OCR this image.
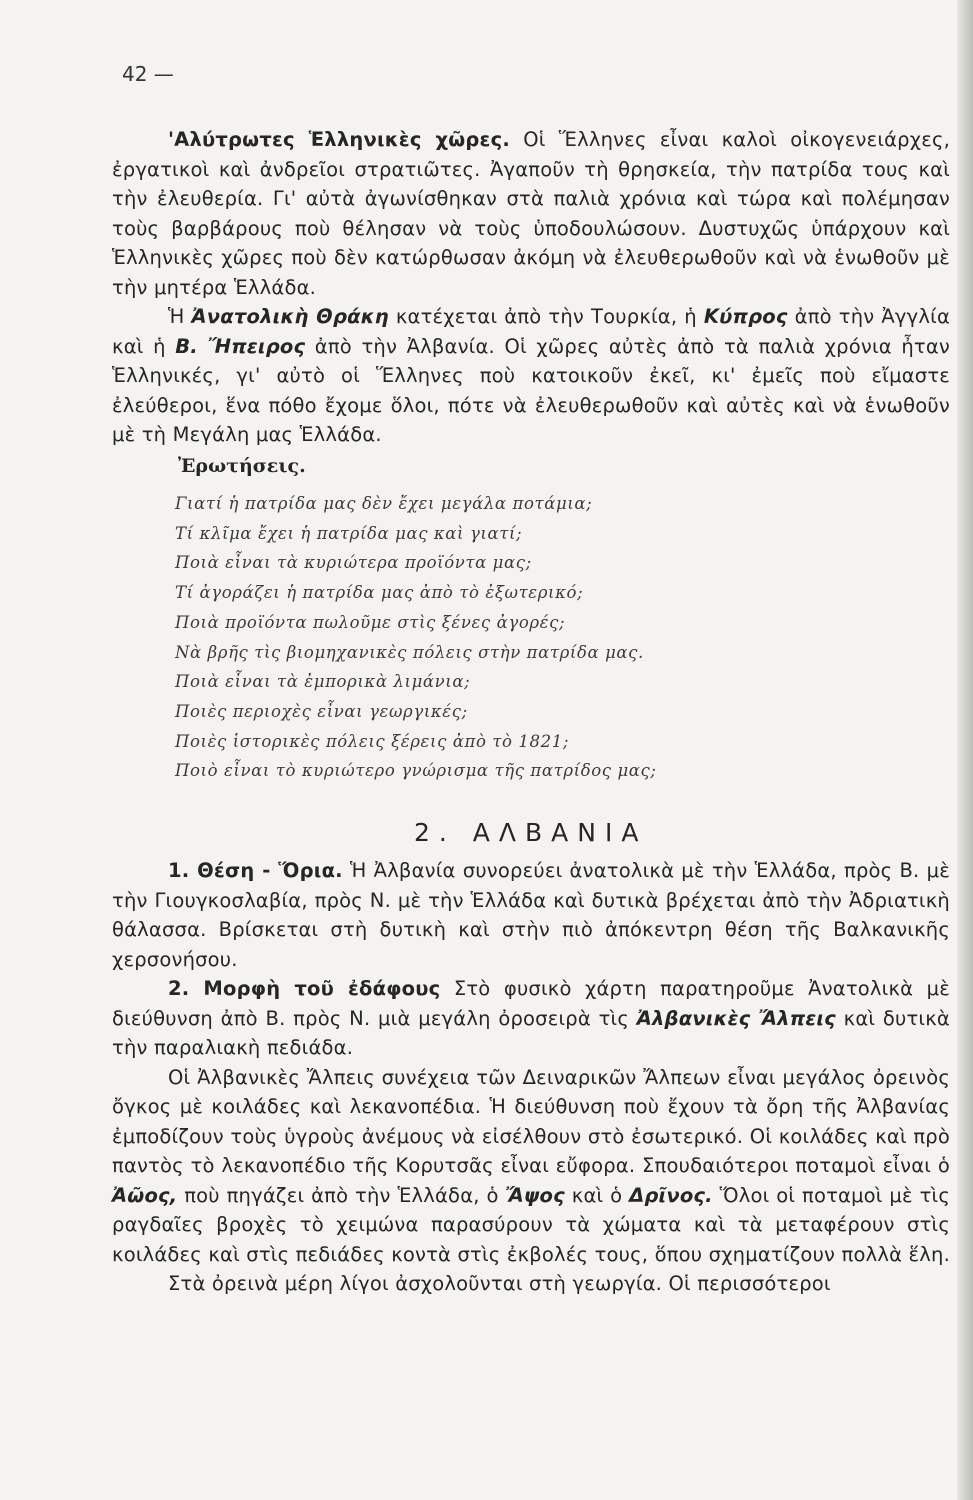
42 —

'Αλύτρωτες Ἑλληνικὲς χῶρες. Οἱ Ἕλληνες εἶναι καλοὶ οἰκογενειάρχες, ἐργατικοὶ καὶ ἀνδρεῖοι στρατιῶτες. Ἀγαποῦν τὴ θρησκεία, τὴν πατρίδα τους καὶ τὴν ἐλευθερία. Γι' αὐτὰ ἀγωνίσθηκαν στὰ παλιὰ χρόνια καὶ τώρα καὶ πολέμησαν τοὺς βαρβάρους ποὺ θέλησαν νὰ τοὺς ὑποδουλώσουν. Δυστυχῶς ὑπάρχουν καὶ Ἑλληνικὲς χῶρες ποὺ δὲν κατώρθωσαν ἀκόμη νὰ ἐλευθερωθοῦν καὶ νὰ ἑνωθοῦν μὲ τὴν μητέρα Ἑλλάδα.

Ἡ Ἀνατολικὴ Θράκη κατέχεται ἀπὸ τὴν Τουρκία, ἡ Κύπρος ἀπὸ τὴν Ἀγγλία καὶ ἡ Β. Ἤπειρος ἀπὸ τὴν Ἀλβανία. Οἱ χῶρες αὐτὲς ἀπὸ τὰ παλιὰ χρόνια ἦταν Ἑλληνικές, γι' αὐτὸ οἱ Ἕλληνες ποὺ κατοικοῦν ἐκεῖ, κι' ἐμεῖς ποὺ εἴμαστε ἐλεύθεροι, ἕνα πόθο ἔχομε ὅλοι, πότε νὰ ἐλευθερωθοῦν καὶ αὐτὲς καὶ νὰ ἑνωθοῦν μὲ τὴ Μεγάλη μας Ἑλλάδα.

Ἐρωτήσεις.
Γιατί ἡ πατρίδα μας δὲν ἔχει μεγάλα ποτάμια;
Τί κλῖμα ἔχει ἡ πατρίδα μας καὶ γιατί;
Ποιὰ εἶναι τὰ κυριώτερα προϊόντα μας;
Τί ἀγοράζει ἡ πατρίδα μας ἀπὸ τὸ ἐξωτερικό;
Ποιὰ προϊόντα πωλοῦμε στὶς ξένες ἀγορές;
Νὰ βρῆς τὶς βιομηχανικὲς πόλεις στὴν πατρίδα μας.
Ποιὰ εἶναι τὰ ἐμπορικὰ λιμάνια;
Ποιὲς περιοχὲς εἶναι γεωργικές;
Ποιὲς ἱστορικὲς πόλεις ξέρεις ἀπὸ τὸ 1821;
Ποιὸ εἶναι τὸ κυριώτερο γνώρισμα τῆς πατρίδος μας;
2. ΑΛΒΑΝΙΑ

1. Θέση - Ὅρια. Ἡ Ἀλβανία συνορεύει ἀνατολικὰ μὲ τὴν Ἑλλάδα, πρὸς Β. μὲ τὴν Γιουγκοσλαβία, πρὸς Ν. μὲ τὴν Ἑλλάδα καὶ δυτικὰ βρέχεται ἀπὸ τὴν Ἀδριατικὴ θάλασσα. Βρίσκεται στὴ δυτικὴ καὶ στὴν πιὸ ἀπόκεντρη θέση τῆς Βαλκανικῆς χερσονήσου.

2. Μορφὴ τοῦ ἐδάφους Στὸ φυσικὸ χάρτη παρατηροῦμε Ἀνατολικὰ μὲ διεύθυνση ἀπὸ Β. πρὸς Ν. μιὰ μεγάλη ὀροσειρὰ τὶς Ἀλβανικὲς Ἄλπεις καὶ δυτικὰ τὴν παραλιακὴ πεδιάδα.

Οἱ Ἀλβανικὲς Ἄλπεις συνέχεια τῶν Δειναρικῶν Ἄλπεων εἶναι μεγάλος ὀρεινὸς ὄγκος μὲ κοιλάδες καὶ λεκανοπέδια. Ἡ διεύθυνση ποὺ ἔχουν τὰ ὄρη τῆς Ἀλβανίας ἐμποδίζουν τοὺς ὑγροὺς ἀνέμους νὰ εἰσέλθουν στὸ ἐσωτερικό. Οἱ κοιλάδες καὶ πρὸ παντὸς τὸ λεκανοπέδιο τῆς Κορυτσᾶς εἶναι εὔφορα. Σπουδαιότεροι ποταμοὶ εἶναι ὁ Ἀῶος, ποὺ πηγάζει ἀπὸ τὴν Ἑλλάδα, ὁ Ἄψος καὶ ὁ Δρῖνος. Ὅλοι οἱ ποταμοὶ μὲ τὶς ραγδαῖες βροχὲς τὸ χειμώνα παρασύρουν τὰ χώματα καὶ τὰ μεταφέρουν στὶς κοιλάδες καὶ στὶς πεδιάδες κοντὰ στὶς ἐκβολές τους, ὅπου σχηματίζουν πολλὰ ἕλη.

Στὰ ὀρεινὰ μέρη λίγοι ἀσχολοῦνται στὴ γεωργία. Οἱ περισσότεροι
